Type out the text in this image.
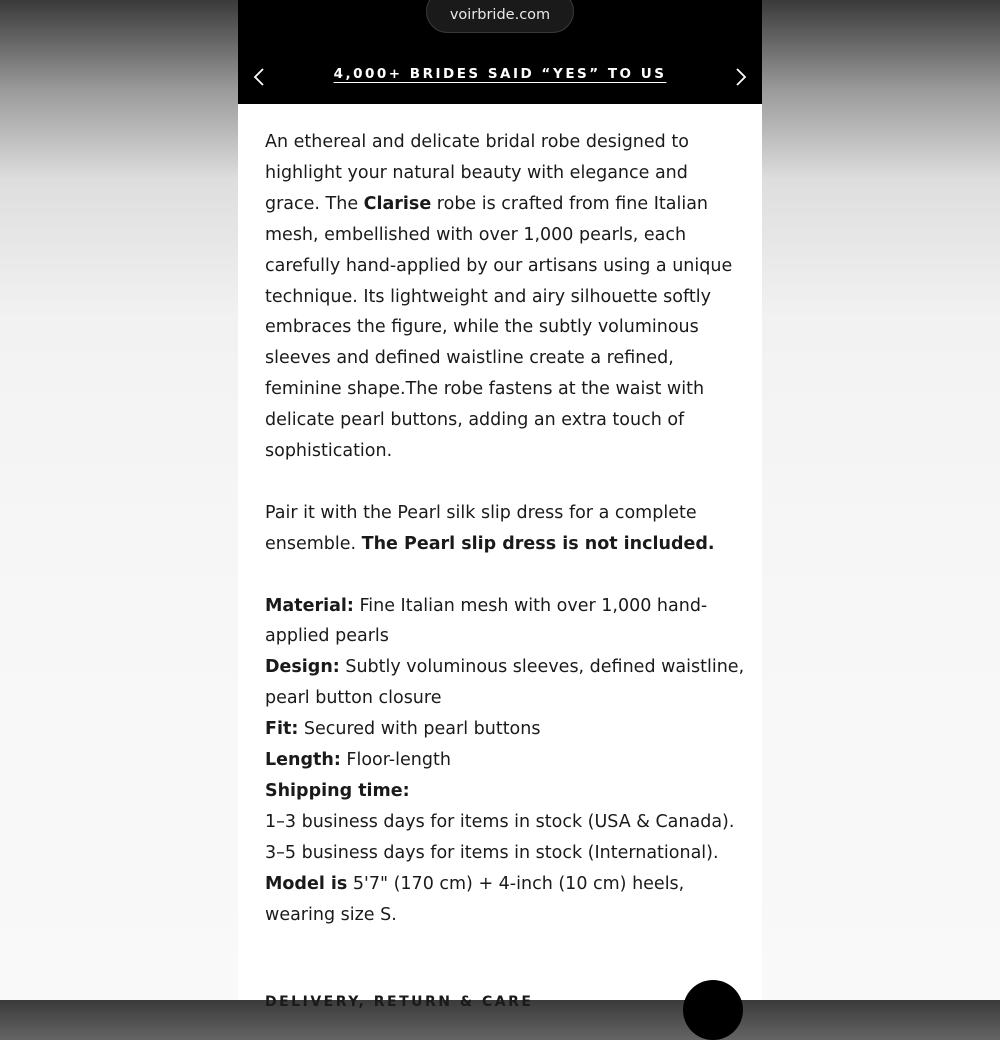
voirbride.com
4,000+ BRIDES SAID “YES” TO US

An ethereal and delicate bridal robe designed to highlight your natural beauty with elegance and grace. The Clarise robe is crafted from fine Italian mesh, embellished with over 1,000 pearls, each carefully hand-applied by our artisans using a unique technique. Its lightweight and airy silhouette softly embraces the figure, while the subtly voluminous sleeves and defined waistline create a refined, feminine shape.The robe fastens at the waist with delicate pearl buttons, adding an extra touch of sophistication.

Pair it with the Pearl silk slip dress for a complete ensemble. The Pearl slip dress is not included.

Material: Fine Italian mesh with over 1,000 hand-applied pearls
Design: Subtly voluminous sleeves, defined waistline, pearl button closure
Fit: Secured with pearl buttons
Length: Floor-length
Shipping time:
1–3 business days for items in stock (USA & Canada).
3–5 business days for items in stock (International).
Model is 5'7" (170 cm) + 4-inch (10 cm) heels, wearing size S.
DELIVERY, RETURN & CARE
